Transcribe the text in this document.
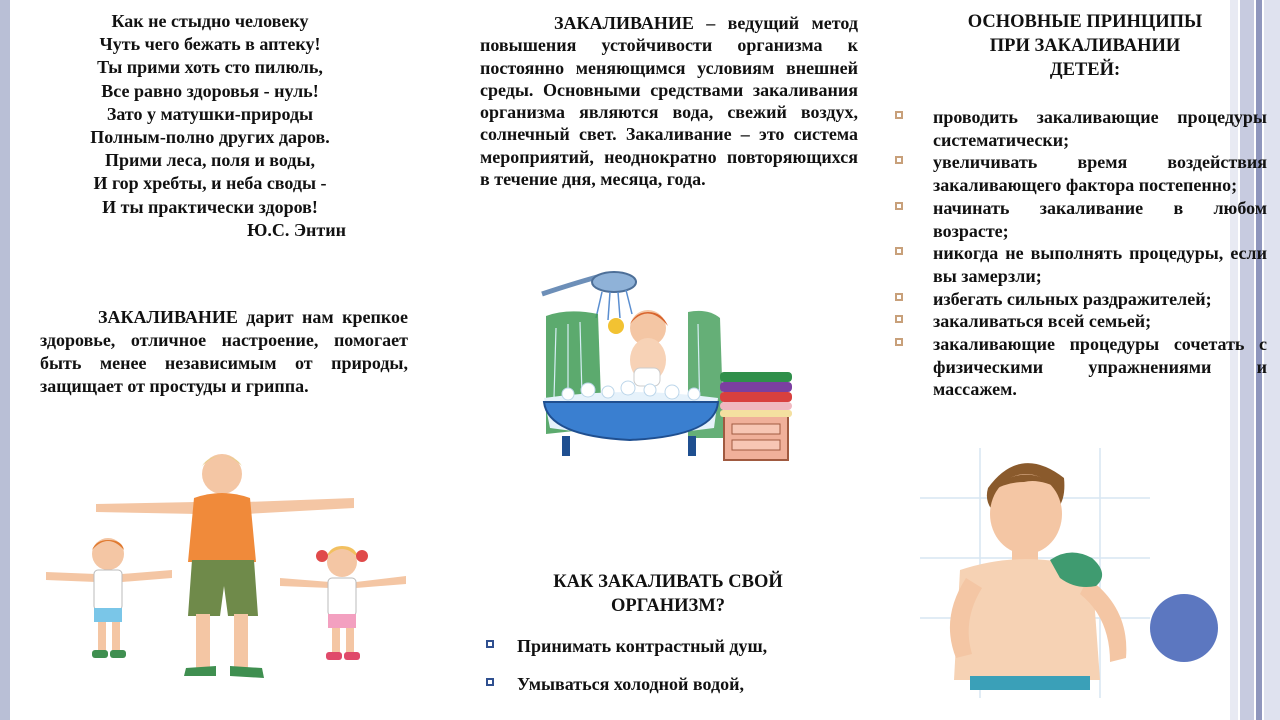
Как не стыдно человеку
Чуть чего бежать в аптеку!
Ты прими хоть сто пилюль,
Все равно здоровья - нуль!
Зато у матушки-природы
Полным-полно других даров.
Прими леса, поля и воды,
И гор хребты, и неба своды -
И ты практически здоров!
Ю.С. Энтин
ЗАКАЛИВАНИЕ дарит нам крепкое здоровье, отличное настроение, помогает быть менее независимым от природы, защищает от простуды и гриппа.
ЗАКАЛИВАНИЕ – ведущий метод повышения устойчивости организма к постоянно меняющимся условиям внешней среды. Основными средствами закаливания организма являются вода, свежий воздух, солнечный свет. Закаливание – это система мероприятий, неоднократно повторяющихся в течение дня, месяца, года.
ОСНОВНЫЕ ПРИНЦИПЫ
ПРИ ЗАКАЛИВАНИИ
ДЕТЕЙ:
проводить закаливающие процедуры систематически;
увеличивать время воздействия закаливающего фактора постепенно;
начинать закаливание в любом возрасте;
никогда не выполнять процедуры, если вы замерзли;
избегать сильных раздражителей;
закаливаться всей семьей;
закаливающие процедуры сочетать с физическими упражнениями и массажем.
КАК ЗАКАЛИВАТЬ СВОЙ
ОРГАНИЗМ?
Принимать контрастный душ,
Умываться холодной водой,
